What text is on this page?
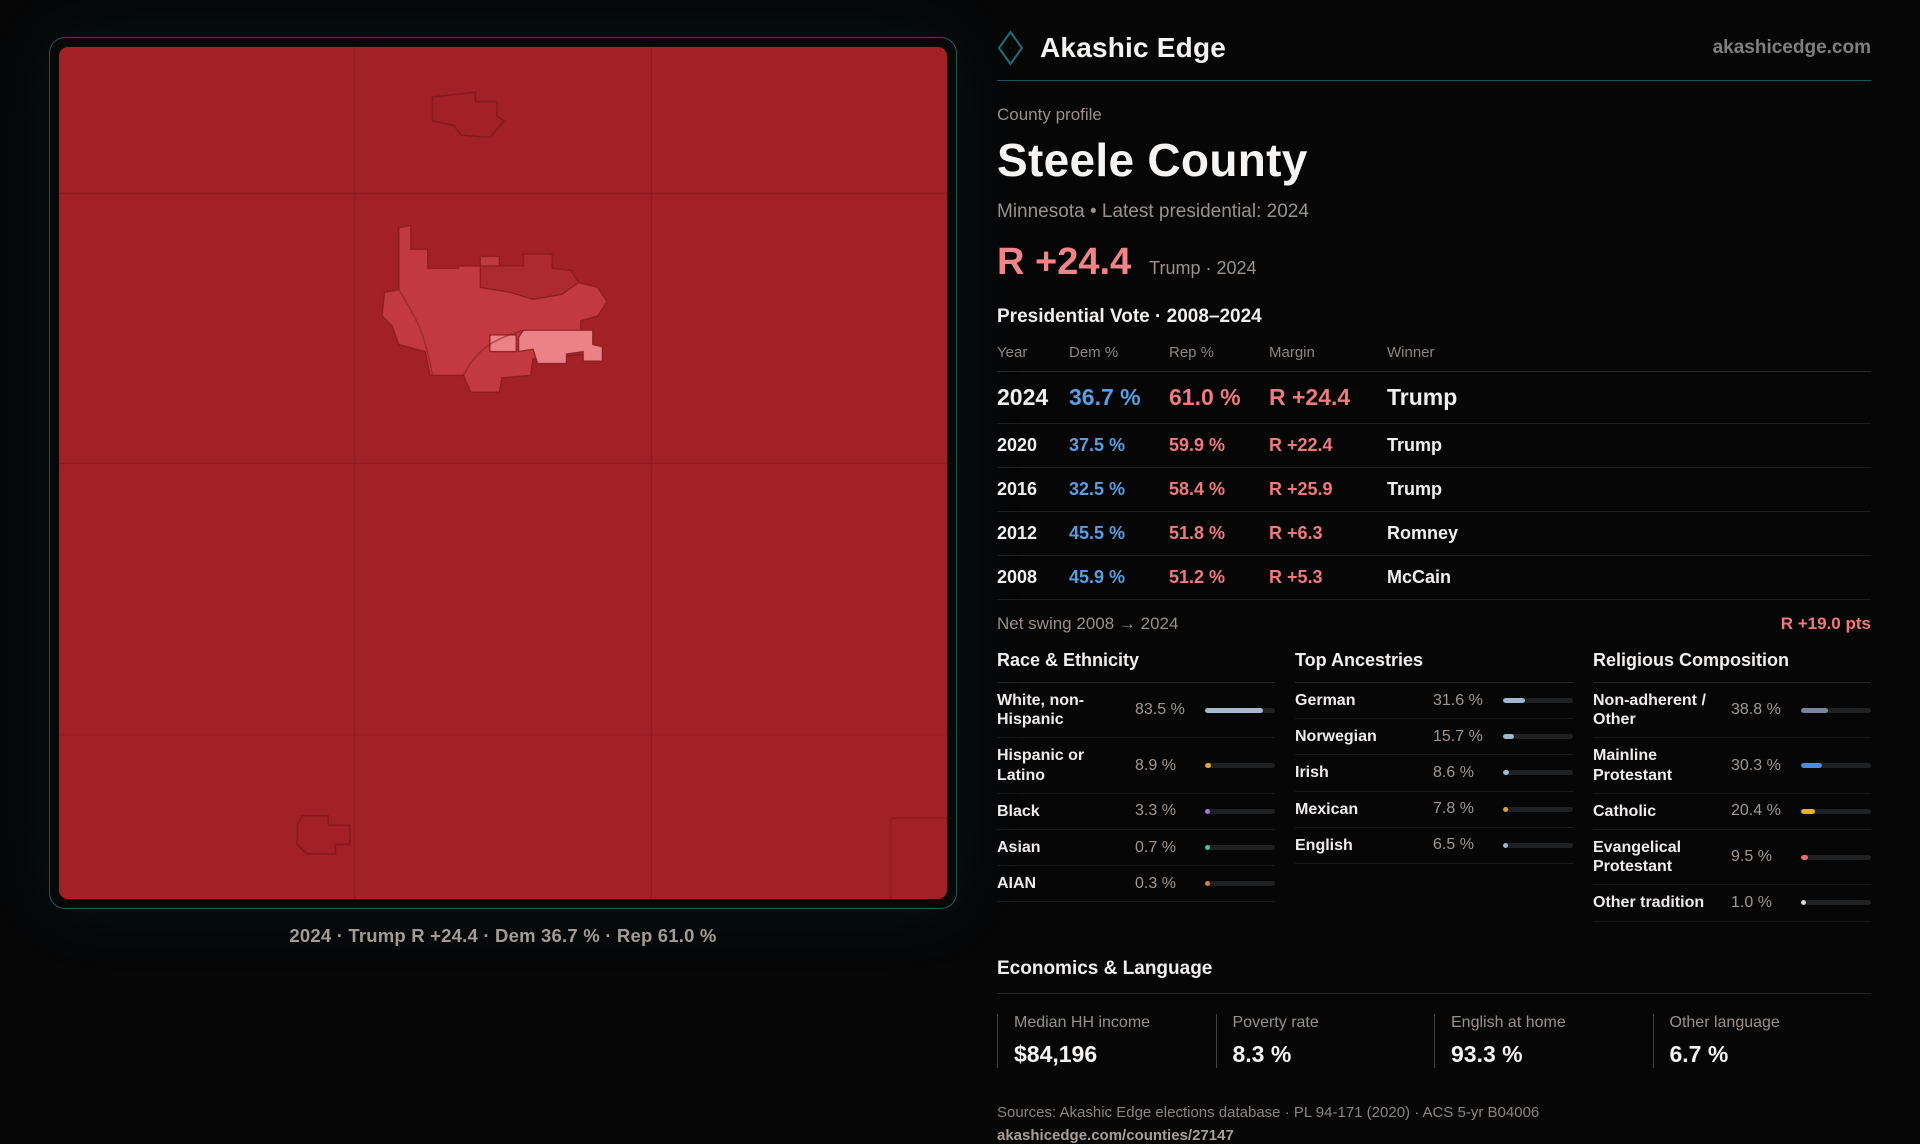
2024 · Trump R +24.4 · Dem 36.7 % · Rep 61.0 %
Akashic Edge	akashicedge.com
County profile
Steele County
Minnesota • Latest presidential: 2024
R +24.4 Trump · 2024
Presidential Vote · 2008–2024
Year	Dem %	Rep %	Margin	Winner
2024 36.7 %	61.0 %	R +24.4	Trump
2020	37.5 %	59.9 %	R +22.4	Trump
2016	32.5 %	58.4 %	R +25.9	Trump
2012	45.5 %	51.8 %	R +6.3	Romney
2008	45.9 %	51.2 %	R +5.3	McCain
Net swing 2008 → 2024	R +19.0 pts
Race & Ethnicity
White, non-Hispanic
83.5 %
Hispanic or Latino
8.9 %
Black	3.3 %
Asian	0.7 %
AIAN	0.3 %
Top Ancestries
German	31.6 %
Norwegian	15.7 %
Irish	8.6 %
Mexican	7.8 %
English	6.5 %
Religious Composition
Non-adherent / Other
38.8 %
Mainline Protestant
30.3 %
Catholic	20.4 %
Evangelical Protestant
9.5 %
Other tradition	1.0 %
Economics & Language
Median HH income
$84,196
Poverty rate
8.3 %
English at home
93.3 %
Other language
6.7 %
Sources: Akashic Edge elections database · PL 94-171 (2020) · ACS 5-yr B04006
akashicedge.com/counties/27147
